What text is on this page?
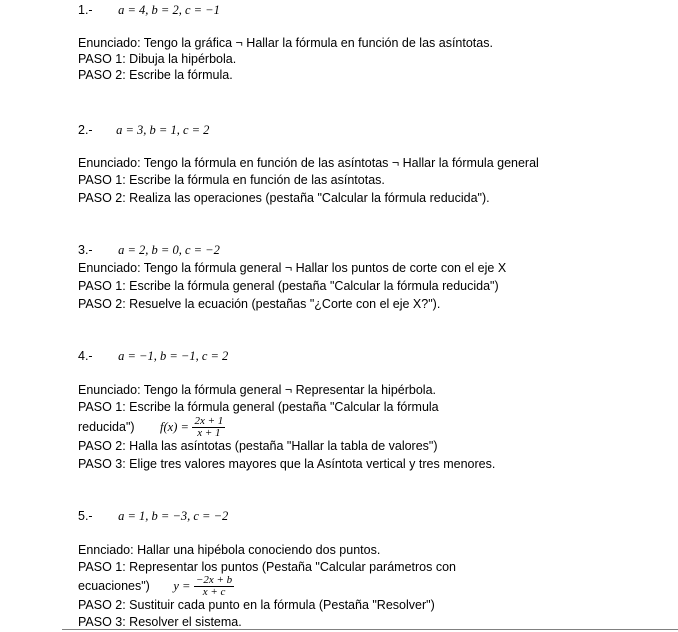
1.- a = 4, b = 2, c = −1
Enunciado: Tengo la gráfica ¬ Hallar la fórmula en función de las asíntotas.
PASO 1: Dibuja la hipérbola.
PASO 2: Escribe la fórmula.
2.- a = 3, b = 1, c = 2
Enunciado: Tengo la fórmula en función de las asíntotas ¬ Hallar la fórmula general
PASO 1: Escribe la fórmula en función de las asíntotas.
PASO 2: Realiza las operaciones (pestaña "Calcular la fórmula reducida").
3.- a = 2, b = 0, c = −2
Enunciado: Tengo la fórmula general ¬ Hallar los puntos de corte con el eje X
PASO 1: Escribe la fórmula general (pestaña "Calcular la fórmula reducida")
PASO 2: Resuelve la ecuación (pestañas "¿Corte con el eje X?").
4.- a = −1, b = −1, c = 2
Enunciado: Tengo la fórmula general ¬ Representar la hipérbola.
PASO 1: Escribe la fórmula general (pestaña "Calcular la fórmula
reducida") $f(x) = \frac{2x + 1}{x + 1}$
PASO 2: Halla las asíntotas (pestaña "Hallar la tabla de valores")
PASO 3: Elige tres valores mayores que la Asíntota vertical y tres menores.
5.- a = 1, b = −3, c = −2
Ennciado: Hallar una hipébola conociendo dos puntos.
PASO 1: Representar los puntos (Pestaña "Calcular parámetros con
ecuaciones") $y = \frac{-2x + b}{x + c}$
PASO 2: Sustituir cada punto en la fórmula (Pestaña "Resolver")
PASO 3: Resolver el sistema.
